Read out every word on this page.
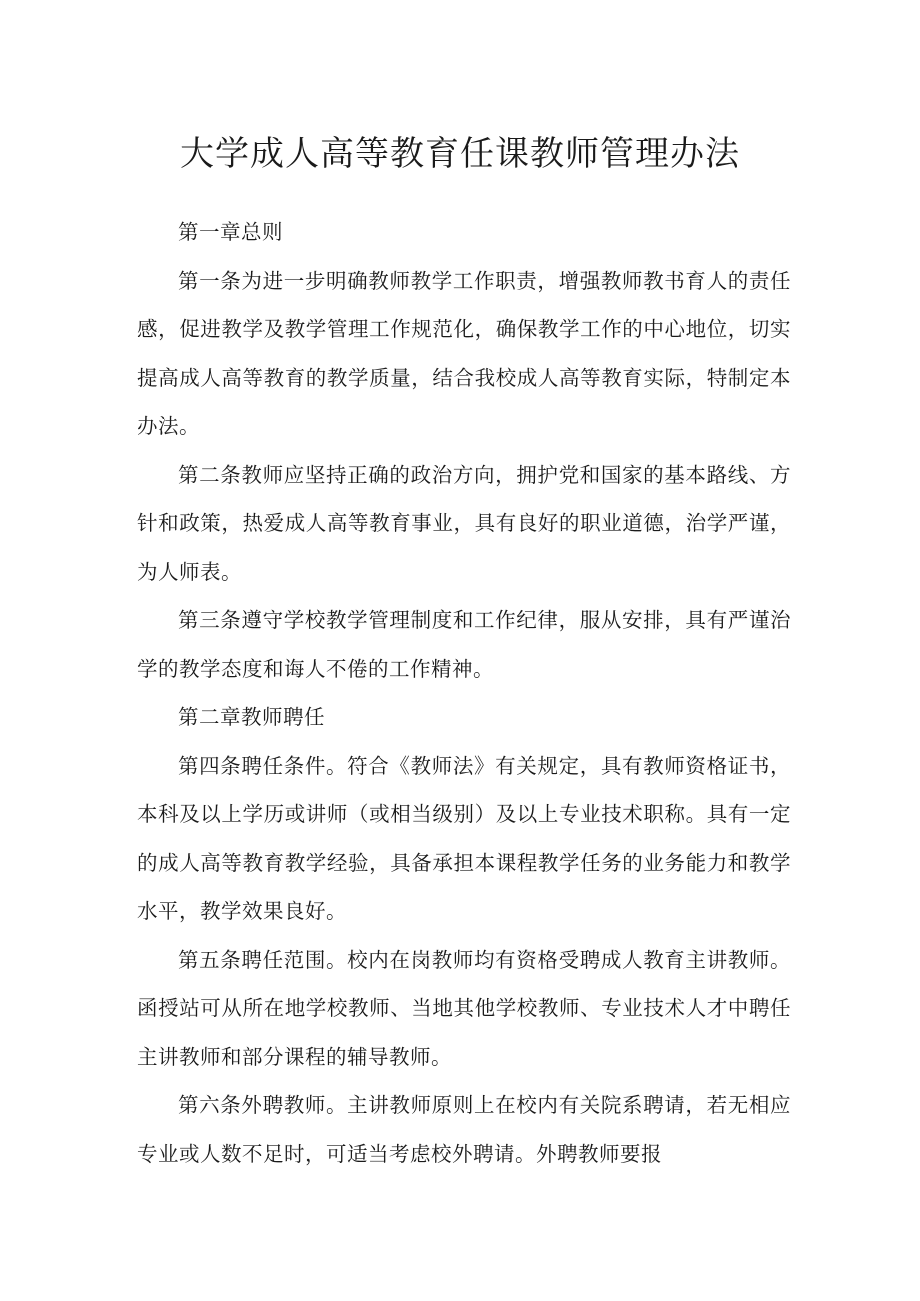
大学成人高等教育任课教师管理办法

第一章总则

第一条为进一步明确教师教学工作职责，增强教师教书育人的责任感，促进教学及教学管理工作规范化，确保教学工作的中心地位，切实提高成人高等教育的教学质量，结合我校成人高等教育实际，特制定本办法。

第二条教师应坚持正确的政治方向，拥护党和国家的基本路线、方针和政策，热爱成人高等教育事业，具有良好的职业道德，治学严谨，为人师表。

第三条遵守学校教学管理制度和工作纪律，服从安排，具有严谨治学的教学态度和诲人不倦的工作精神。

第二章教师聘任

第四条聘任条件。符合《教师法》有关规定，具有教师资格证书，本科及以上学历或讲师（或相当级别）及以上专业技术职称。具有一定的成人高等教育教学经验，具备承担本课程教学任务的业务能力和教学水平，教学效果良好。

第五条聘任范围。校内在岗教师均有资格受聘成人教育主讲教师。函授站可从所在地学校教师、当地其他学校教师、专业技术人才中聘任主讲教师和部分课程的辅导教师。

第六条外聘教师。主讲教师原则上在校内有关院系聘请，若无相应专业或人数不足时，可适当考虑校外聘请。外聘教师要报
